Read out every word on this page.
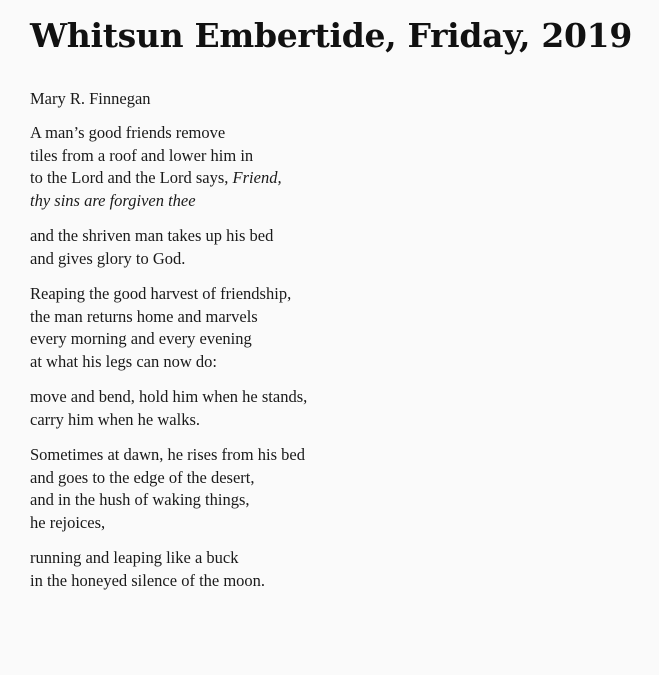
Whitsun Embertide, Friday, 2019

Mary R. Finnegan

A man’s good friends remove
tiles from a roof and lower him in
to the Lord and the Lord says, Friend,
thy sins are forgiven thee
and the shriven man takes up his bed
and gives glory to God.
Reaping the good harvest of friendship,
the man returns home and marvels
every morning and every evening
at what his legs can now do:
move and bend, hold him when he stands,
carry him when he walks.
Sometimes at dawn, he rises from his bed
and goes to the edge of the desert,
and in the hush of waking things,
he rejoices,
running and leaping like a buck
in the honeyed silence of the moon.
